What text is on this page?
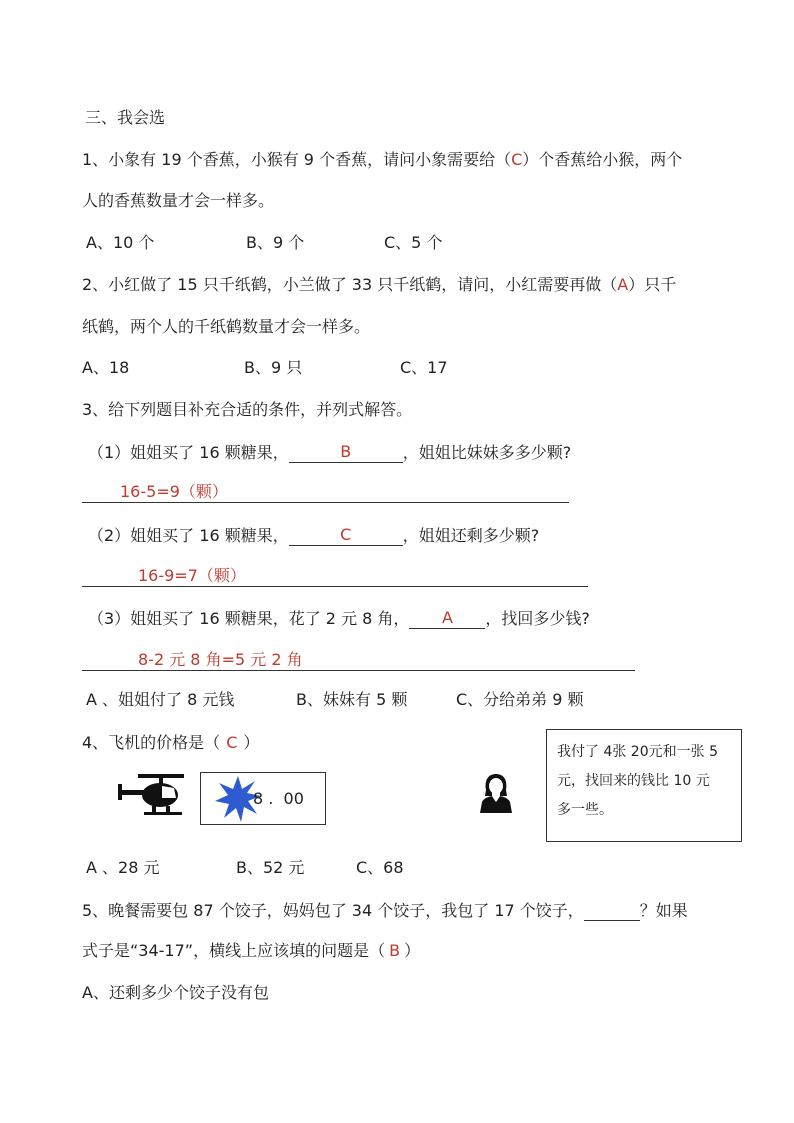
三、我会选
1、小象有 19 个香蕉，小猴有 9 个香蕉，请问小象需要给（C）个香蕉给小猴，两个
人的香蕉数量才会一样多。
A、10 个	B、9 个	C、5 个
2、小红做了 15 只千纸鹤，小兰做了 33 只千纸鹤，请问，小红需要再做（A）只千
纸鹤，两个人的千纸鹤数量才会一样多。
A、18	B、9 只	C、17
3、给下列题目补充合适的条件，并列式解答。
（1）姐姐买了 16 颗糖果，	B	，姐姐比妹妹多多少颗?
16-5=9（颗）
（2）姐姐买了 16 颗糖果，	C	，姐姐还剩多少颗?
16-9=7（颗）
（3）姐姐买了 16 颗糖果，花了 2 元 8 角， A ，找回多少钱?
8-2 元 8 角=5 元 2 角
A 、姐姐付了 8 元钱	B、妹妹有 5 颗	C、分给弟弟 9 颗
4、飞机的价格是（ C ）
8 .  00
我付了 4张 20元和一张 5
元，找回来的钱比 10 元
多一些。
A 、28 元	B、52 元	C、68
5、晚餐需要包 87 个饺子，妈妈包了 34 个饺子，我包了 17 个饺子，	？如果
式子是“34-17”，横线上应该填的问题是（ B ）
A、还剩多少个饺子没有包
